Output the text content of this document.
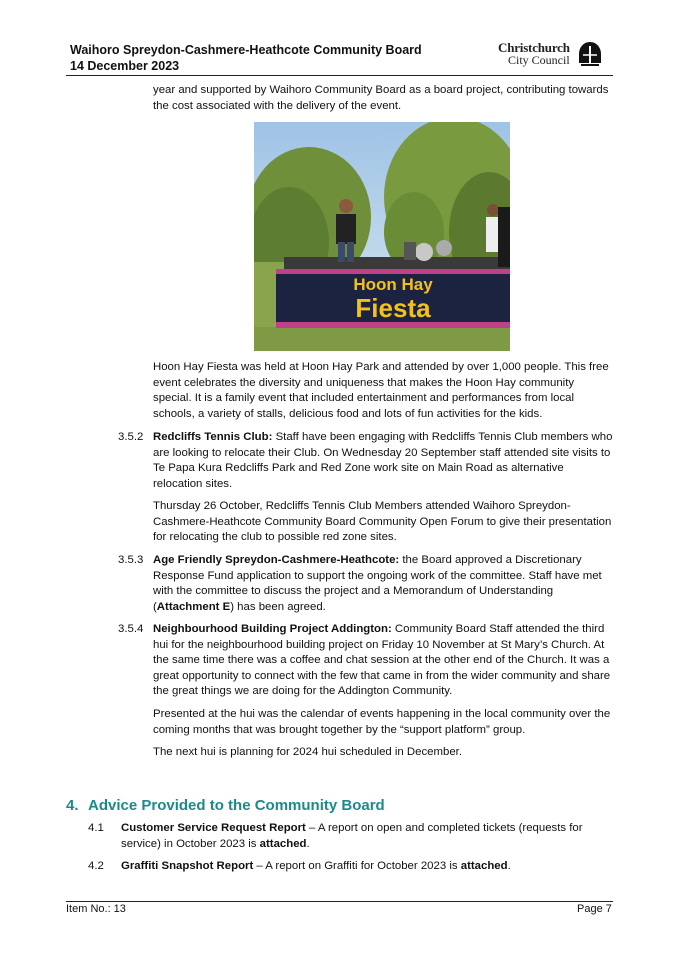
Waihoro Spreydon-Cashmere-Heathcote Community Board
14 December 2023
Christchurch
City Council
year and supported by Waihoro Community Board as a board project, contributing towards the cost associated with the delivery of the event.
Hoon Hay
Fiesta
Hoon Hay Fiesta was held at Hoon Hay Park and attended by over 1,000 people. This free event celebrates the diversity and uniqueness that makes the Hoon Hay community special. It is a family event that included entertainment and performances from local schools, a variety of stalls, delicious food and lots of fun activities for the kids.
3.5.2 Redcliffs Tennis Club: Staff have been engaging with Redcliffs Tennis Club members who are looking to relocate their Club. On Wednesday 20 September staff attended site visits to Te Papa Kura Redcliffs Park and Red Zone work site on Main Road as alternative relocation sites.
Thursday 26 October, Redcliffs Tennis Club Members attended Waihoro Spreydon-Cashmere-Heathcote Community Board Community Open Forum to give their presentation for relocating the club to possible red zone sites.
3.5.3 Age Friendly Spreydon-Cashmere-Heathcote: the Board approved a Discretionary Response Fund application to support the ongoing work of the committee. Staff have met with the committee to discuss the project and a Memorandum of Understanding (Attachment E) has been agreed.
3.5.4 Neighbourhood Building Project Addington: Community Board Staff attended the third hui for the neighbourhood building project on Friday 10 November at St Mary’s Church. At the same time there was a coffee and chat session at the other end of the Church. It was a great opportunity to connect with the few that came in from the wider community and share the great things we are doing for the Addington Community.
Presented at the hui was the calendar of events happening in the local community over the coming months that was brought together by the “support platform” group.
The next hui is planning for 2024 hui scheduled in December.
4. Advice Provided to the Community Board
4.1 Customer Service Request Report – A report on open and completed tickets (requests for service) in October 2023 is attached.
4.2 Graffiti Snapshot Report – A report on Graffiti for October 2023 is attached.
Item No.: 13	Page 7
